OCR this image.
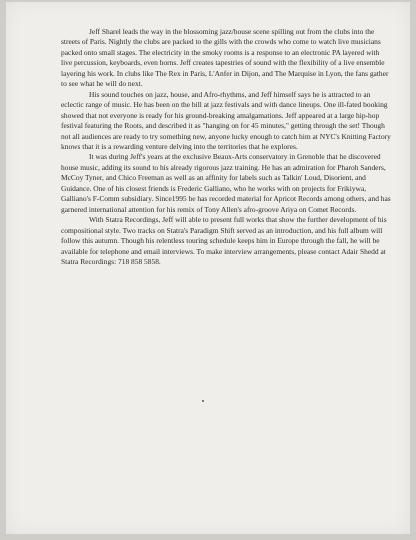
Jeff Sharel leads the way in the blossoming jazz/house scene spilling out from the clubs into the streets of Paris. Nightly the clubs are packed to the gills with the crowds who come to watch live musicians packed onto small stages. The electricity in the smoky rooms is a response to an electronic PA layered with live percussion, keyboards, even horns. Jeff creates tapestries of sound with the flexibility of a live ensemble layering his work. In clubs like The Rex in Paris, L'Anfer in Dijon, and The Marquise in Lyon, the fans gather to see what he will do next.

His sound touches on jazz, house, and Afro-rhythms, and Jeff himself says he is attracted to an eclectic range of music. He has been on the bill at jazz festivals and with dance lineups. One ill-fated booking showed that not everyone is ready for his ground-breaking amalgamations. Jeff appeared at a large hip-hop festival featuring the Roots, and described it as "hanging on for 45 minutes," getting through the set! Though not all audiences are ready to try something new, anyone lucky enough to catch him at NYC's Knitting Factory knows that it is a rewarding venture delving into the territories that he explores.

It was during Jeff's years at the exclusive Beaux-Arts conservatory in Grenoble that he discovered house music, adding its sound to his already rigorous jazz training. He has an admiration for Pharoh Sanders, McCoy Tyner, and Chico Freeman as well as an affinity for labels such as Talkin' Loud, Disorient, and Guidance. One of his closest friends is Frederic Galliano, who he works with on projects for Frikiywa, Galliano's F-Comm subsidiary. Since1995 he has recorded material for Apricot Records among others, and has garnered international attention for his remix of Tony Allen's afro-groove Ariya on Comet Records.

With Statra Recordings, Jeff will able to present full works that show the further development of his compositional style. Two tracks on Statra's Paradigm Shift served as an introduction, and his full album will follow this autumn. Though his relentless touring schedule keeps him in Europe through the fall, he will be available for telephone and email interviews. To make interview arrangements, please contact Adair Shedd at Statra Recordings: 718 858 5858.
